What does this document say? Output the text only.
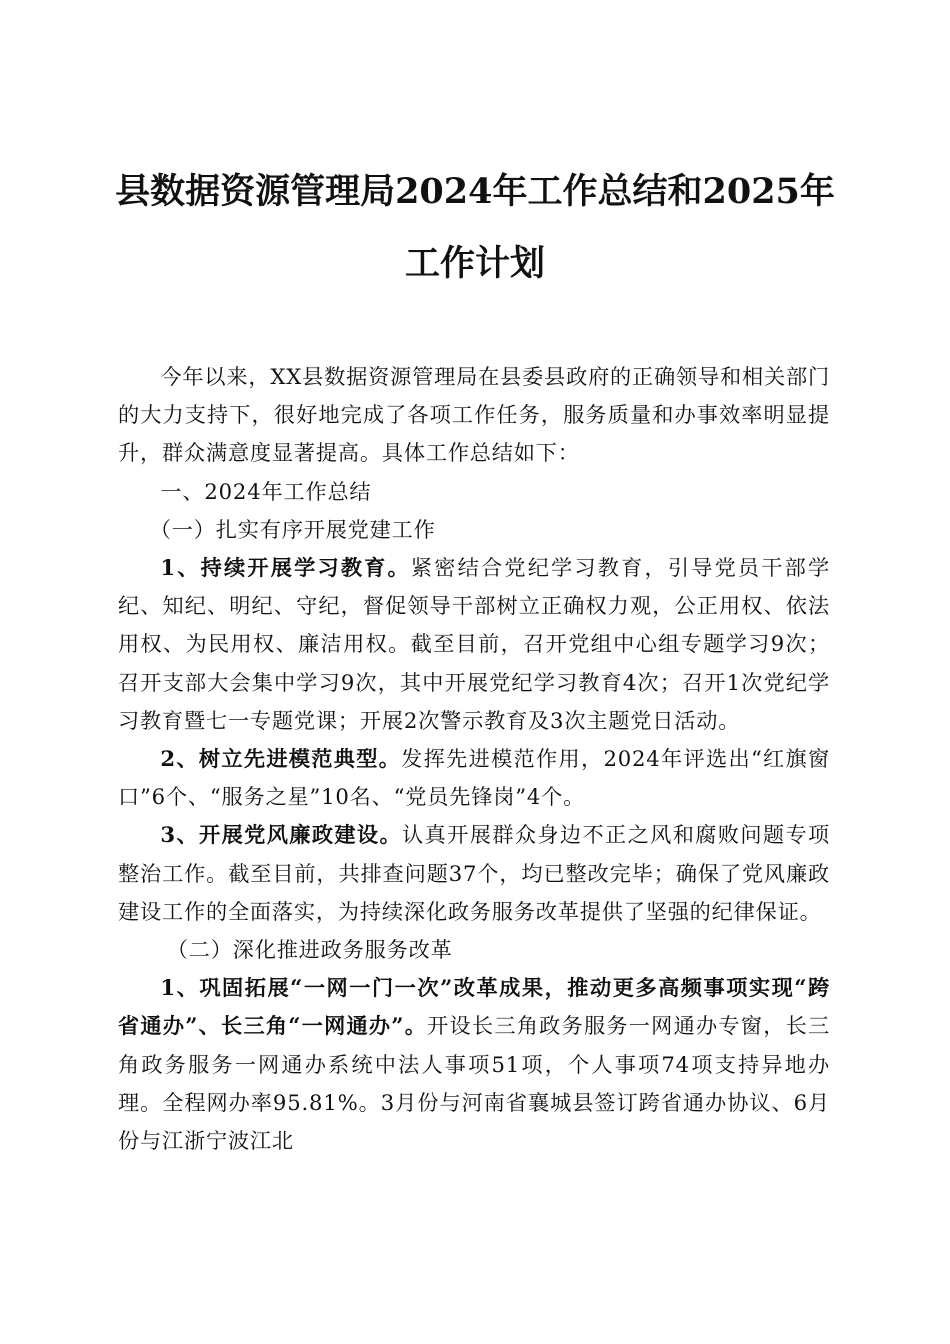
县数据资源管理局2024年工作总结和2025年
工作计划

今年以来，XX县数据资源管理局在县委县政府的正确领导和相关部门的大力支持下，很好地完成了各项工作任务，服务质量和办事效率明显提升，群众满意度显著提高。具体工作总结如下：

一、2024年工作总结

（一）扎实有序开展党建工作

1、持续开展学习教育。紧密结合党纪学习教育，引导党员干部学纪、知纪、明纪、守纪，督促领导干部树立正确权力观，公正用权、依法用权、为民用权、廉洁用权。截至目前，召开党组中心组专题学习9次；召开支部大会集中学习9次，其中开展党纪学习教育4次；召开1次党纪学习教育暨七一专题党课；开展2次警示教育及3次主题党日活动。

2、树立先进模范典型。发挥先进模范作用，2024年评选出“红旗窗口”6个、“服务之星”10名、“党员先锋岗”4个。

3、开展党风廉政建设。认真开展群众身边不正之风和腐败问题专项整治工作。截至目前，共排查问题37个，均已整改完毕；确保了党风廉政建设工作的全面落实，为持续深化政务服务改革提供了坚强的纪律保证。

（二）深化推进政务服务改革

1、巩固拓展“一网一门一次”改革成果，推动更多高频事项实现“跨省通办”、长三角“一网通办”。开设长三角政务服务一网通办专窗，长三角政务服务一网通办系统中法人事项51项，个人事项74项支持异地办理。全程网办率95.81%。3月份与河南省襄城县签订跨省通办协议、6月份与江浙宁波江北
